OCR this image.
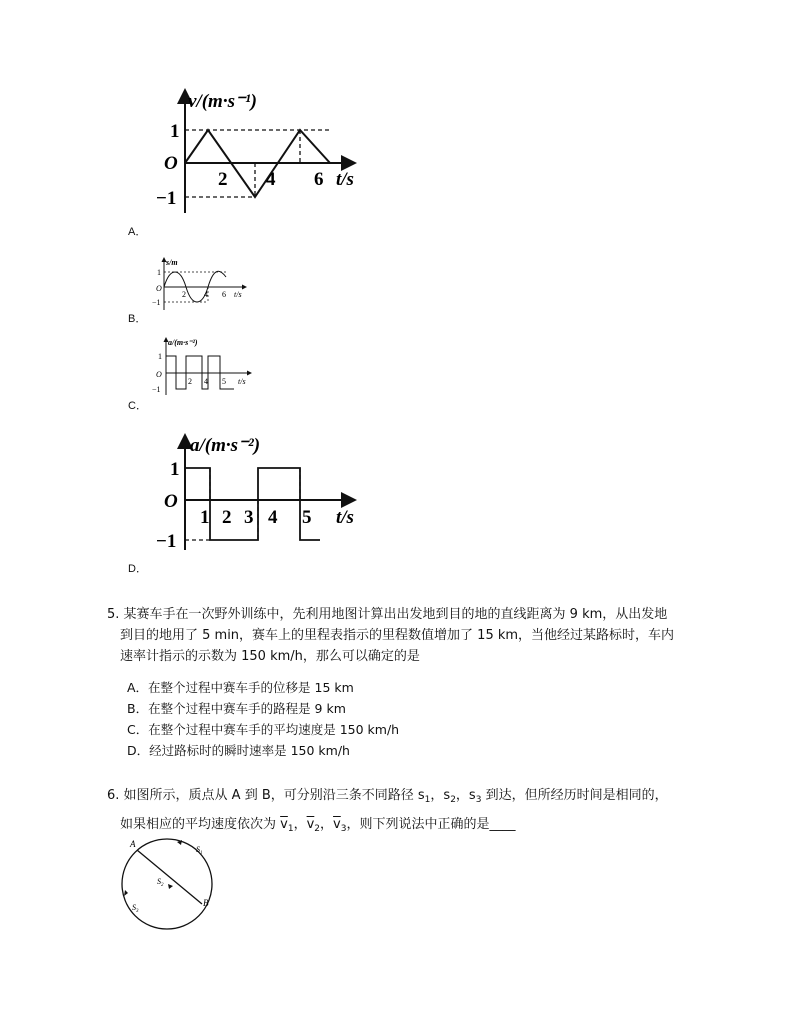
v/(m·s⁻¹)
1
−1
O
2 4 6 t/s
A．
s/m
1
−1
O
2 4 6 t/s
B．
a/(m·s⁻²)
1
−1
O
2 4 5 t/s
C．
a/(m·s⁻²)
1
−1
O
1 2 3 4 5 t/s
D．
5. 某赛车手在一次野外训练中，先利用地图计算出出发地到目的地的直线距离为 9 km，从出发地
到目的地用了 5 min，赛车上的里程表指示的里程数值增加了 15 km，当他经过某路标时，车内
速率计指示的示数为 150 km/h，那么可以确定的是
A．在整个过程中赛车手的位移是 15 km
B．在整个过程中赛车手的路程是 9 km
C．在整个过程中赛车手的平均速度是 150 km/h
D．经过路标时的瞬时速率是 150 km/h
6. 如图所示，质点从 A 到 B，可分别沿三条不同路径 $s_1$，$s_2$，$s_3$ 到达，但所经历时间是相同的，
如果相应的平均速度依次为 $\overline{v}_1$，$\overline{v}_2$，$\overline{v}_3$，则下列说法中正确的是____
A
B
$S_1$
$S_2$
$S_3$
